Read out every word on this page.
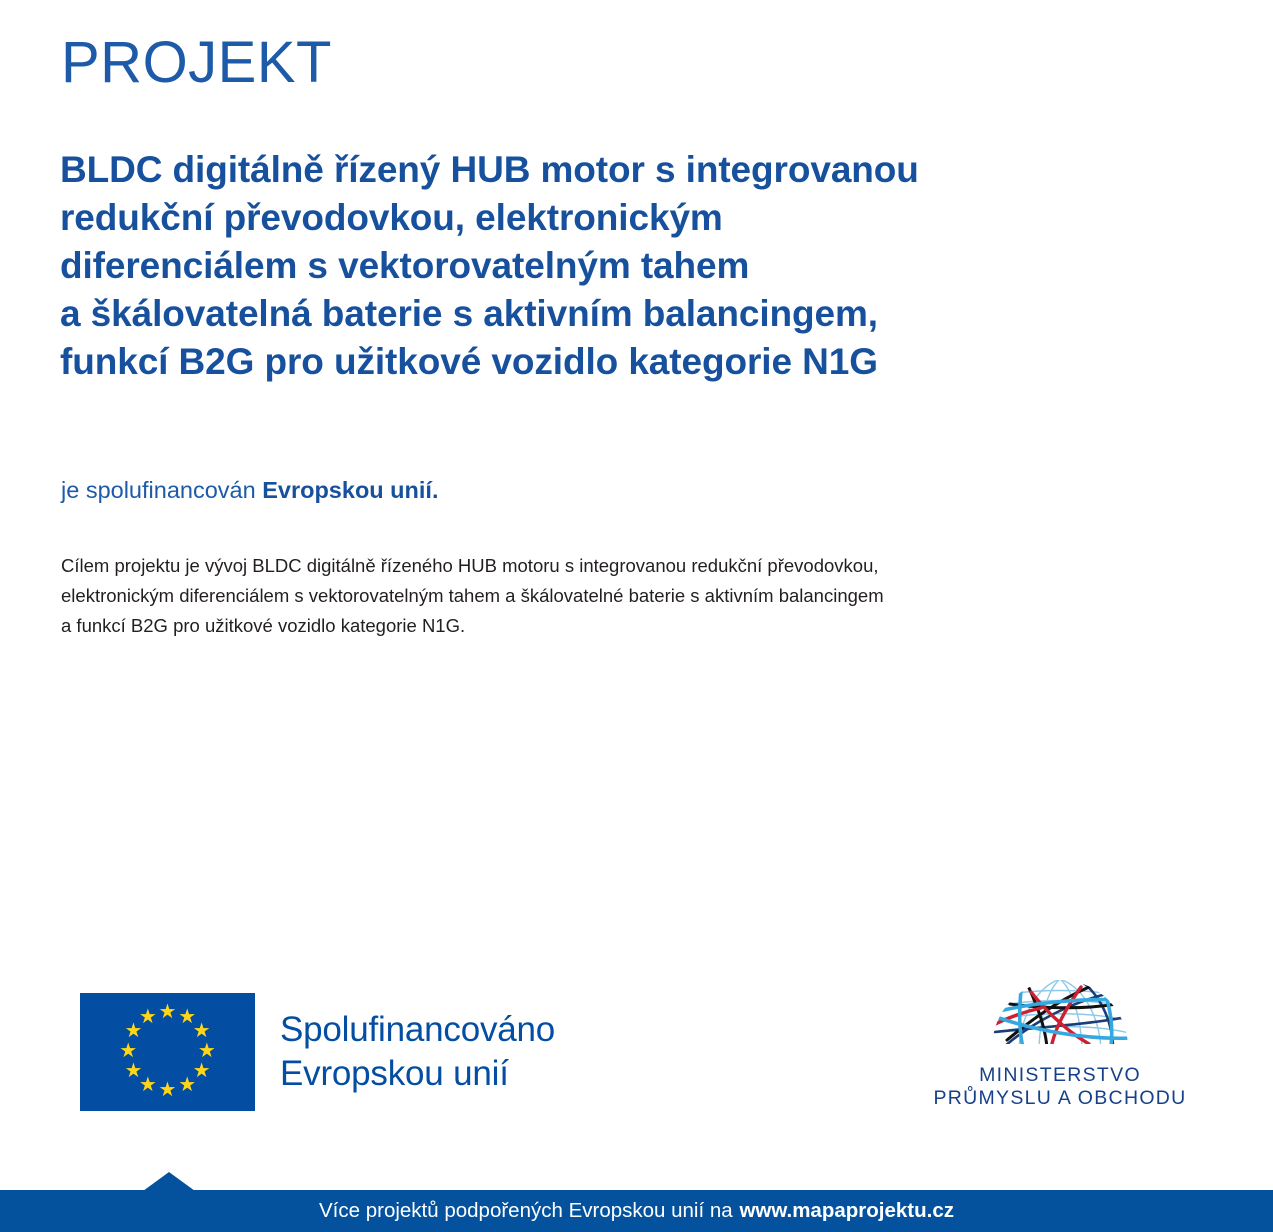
PROJEKT
BLDC digitálně řízený HUB motor s integrovanou
redukční převodovkou, elektronickým
diferenciálem s vektorovatelným tahem
a škálovatelná baterie s aktivním balancingem,
funkcí B2G pro užitkové vozidlo kategorie N1G
je spolufinancován Evropskou unií.
Cílem projektu je vývoj BLDC digitálně řízeného HUB motoru s integrovanou redukční převodovkou,
elektronickým diferenciálem s vektorovatelným tahem a škálovatelné baterie s aktivním balancingem
a funkcí B2G pro užitkové vozidlo kategorie N1G.
★ ★
★
★
★
★
★
★
★
★
★
★	Spolufinancováno
Evropskou unií	MINISTERSTVO
PRŮMYSLU A OBCHODU
Více projektů podpořených Evropskou unií na www.mapaprojektu.cz
